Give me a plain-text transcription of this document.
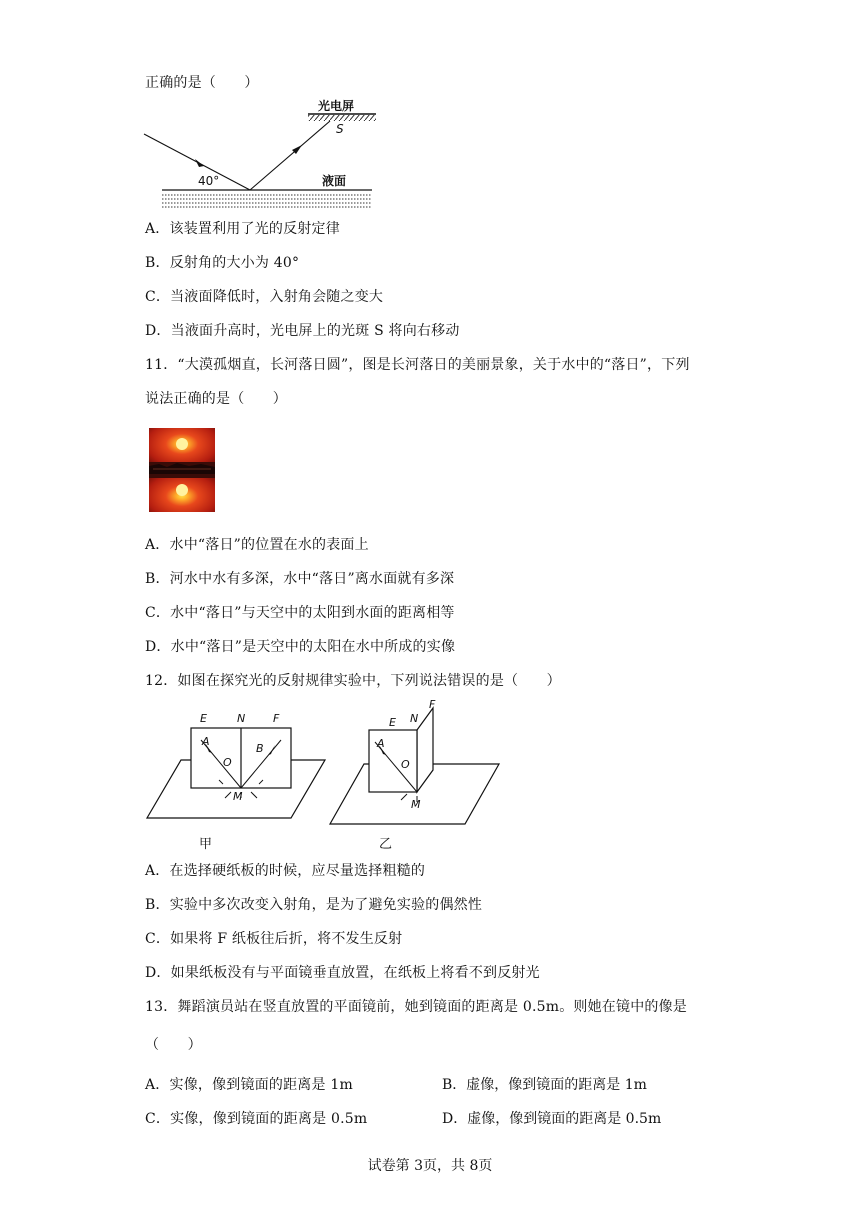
正确的是（　　）
光电屏
S
40°	液面
A．该装置利用了光的反射定律
B．反射角的大小为 40°
C．当液面降低时，入射角会随之变大
D．当液面升高时，光电屏上的光斑 S 将向右移动
11．“大漠孤烟直，长河落日圆”，图是长河落日的美丽景象，关于水中的“落日”，下列
说法正确的是（　　）
A．水中“落日”的位置在水的表面上
B．河水中水有多深，水中“落日”离水面就有多深
C．水中“落日”与天空中的太阳到水面的距离相等
D．水中“落日”是天空中的太阳在水中所成的实像
12．如图在探究光的反射规律实验中，下列说法错误的是（　　）
E	N	F
A
O
B
M
E N
F
A
O
M
甲	乙
A．在选择硬纸板的时候，应尽量选择粗糙的
B．实验中多次改变入射角，是为了避免实验的偶然性
C．如果将 F 纸板往后折，将不发生反射
D．如果纸板没有与平面镜垂直放置，在纸板上将看不到反射光
13．舞蹈演员站在竖直放置的平面镜前，她到镜面的距离是 0.5m。则她在镜中的像是
（　　）
A．实像，像到镜面的距离是 1m	B．虚像，像到镜面的距离是 1m
C．实像，像到镜面的距离是 0.5m	D．虚像，像到镜面的距离是 0.5m
试卷第 3页，共 8页
